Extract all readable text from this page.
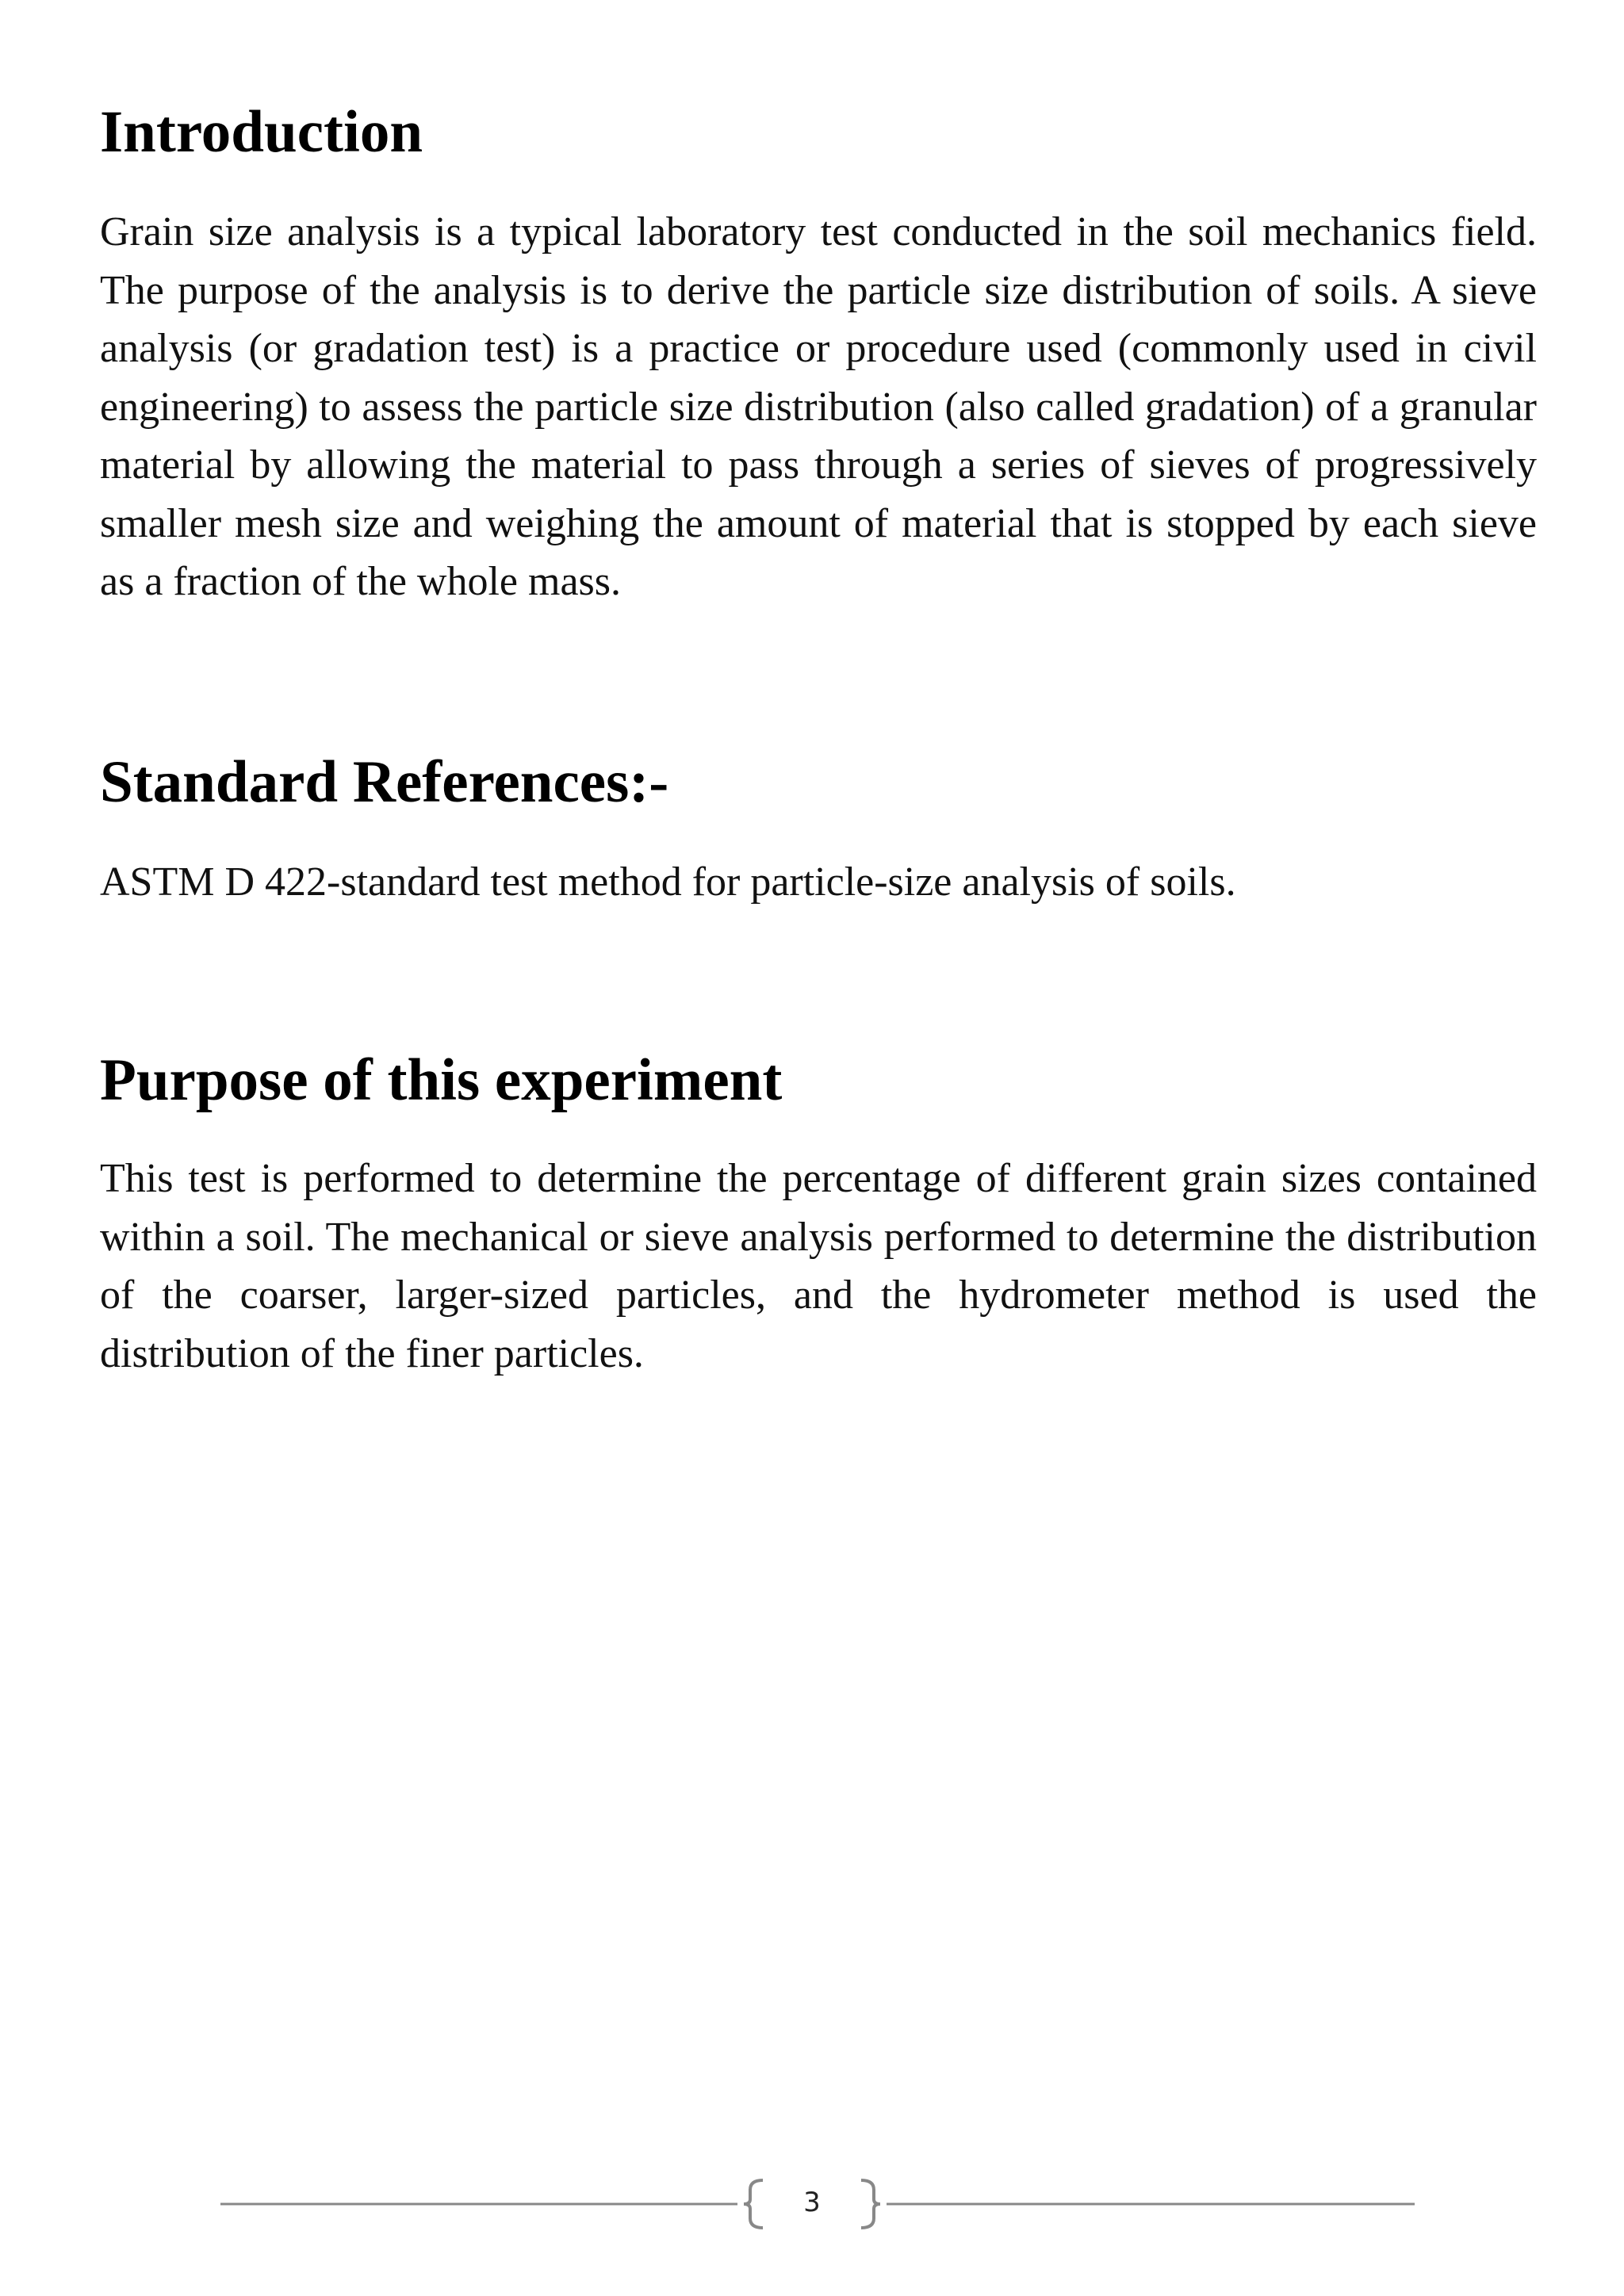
Introduction

Grain size analysis is a typical laboratory test conducted in the soil mechanics field. The purpose of the analysis is to derive the particle size distribution of soils. A sieve analysis (or gradation test) is a practice or procedure used (commonly used in civil engineering) to assess the particle size distribution (also called gradation) of a granular material by allowing the material to pass through a series of sieves of progressively smaller mesh size and weighing the amount of material that is stopped by each sieve as a fraction of the whole mass.

Standard References:-

ASTM D 422-standard test method for particle-size analysis of soils.

Purpose of this experiment

This test is performed to determine the percentage of different grain sizes contained within a soil. The mechanical or sieve analysis performed to determine the distribution of the coarser, larger-sized particles, and the hydrometer method is used the distribution of the finer particles.

3
